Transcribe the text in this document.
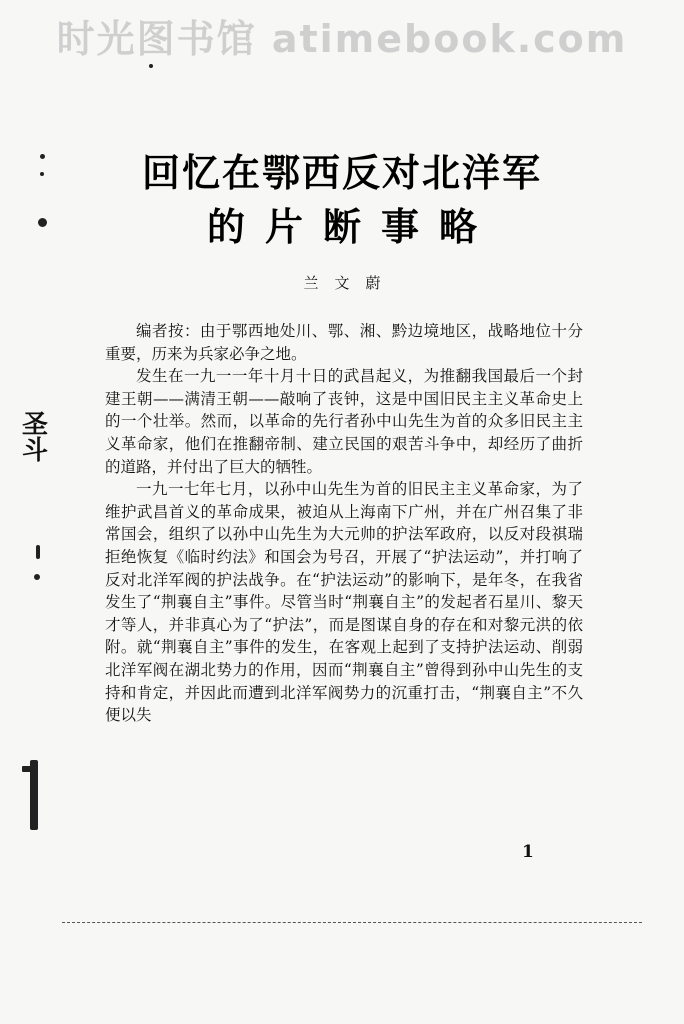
时光图书馆 atimebook.com
圣斗
回忆在鄂西反对北洋军
的片断事略
兰文蔚

编者按：由于鄂西地处川、鄂、湘、黔边境地区，战略地位十分重要，历来为兵家必争之地。

发生在一九一一年十月十日的武昌起义，为推翻我国最后一个封建王朝——满清王朝——敲响了丧钟，这是中国旧民主主义革命史上的一个壮举。然而，以革命的先行者孙中山先生为首的众多旧民主主义革命家，他们在推翻帝制、建立民国的艰苦斗争中，却经历了曲折的道路，并付出了巨大的牺牲。

一九一七年七月，以孙中山先生为首的旧民主主义革命家，为了维护武昌首义的革命成果，被迫从上海南下广州，并在广州召集了非常国会，组织了以孙中山先生为大元帅的护法军政府，以反对段祺瑞拒绝恢复《临时约法》和国会为号召，开展了“护法运动”，并打响了反对北洋军阀的护法战争。在“护法运动”的影响下，是年冬，在我省发生了“荆襄自主”事件。尽管当时“荆襄自主”的发起者石星川、黎天才等人，并非真心为了“护法”，而是图谋自身的存在和对黎元洪的依附。就“荆襄自主”事件的发生，在客观上起到了支持护法运动、削弱北洋军阀在湖北势力的作用，因而“荆襄自主”曾得到孙中山先生的支持和肯定，并因此而遭到北洋军阀势力的沉重打击，“荆襄自主”不久便以失

1
